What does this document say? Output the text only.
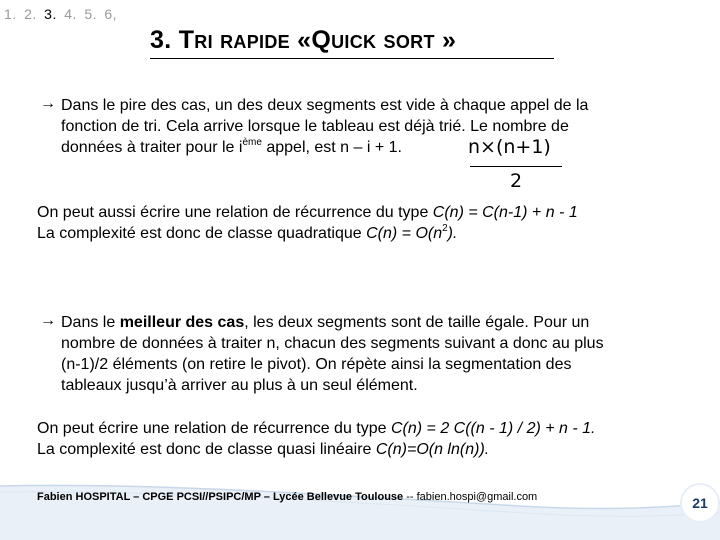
1. 2. 3. 4. 5. 6,
3. Tri rapide «Quick sort »
→ Dans le pire des cas, un des deux segments est vide à chaque appel de la
fonction de tri. Cela arrive lorsque le tableau est déjà trié. Le nombre de
données à traiter pour le $i^{ème}$ appel, est n – i + 1.	n×(n+1)
2
On peut aussi écrire une relation de récurrence du type C(n) = C(n-1) + n - 1
La complexité est donc de classe quadratique $C(n) = O(n^2)$.
→ Dans le meilleur des cas, les deux segments sont de taille égale. Pour un
nombre de données à traiter n, chacun des segments suivant a donc au plus
(n-1)/2 éléments (on retire le pivot). On répète ainsi la segmentation des
tableaux jusqu’à arriver au plus à un seul élément.
On peut écrire une relation de récurrence du type C(n) = 2 C((n - 1) / 2) + n - 1.
La complexité est donc de classe quasi linéaire C(n)=O(n ln(n)).
Fabien HOSPITAL – CPGE PCSI//PSIPC/MP – Lycée Bellevue Toulouse -- fabien.hospi@gmail.com	21
